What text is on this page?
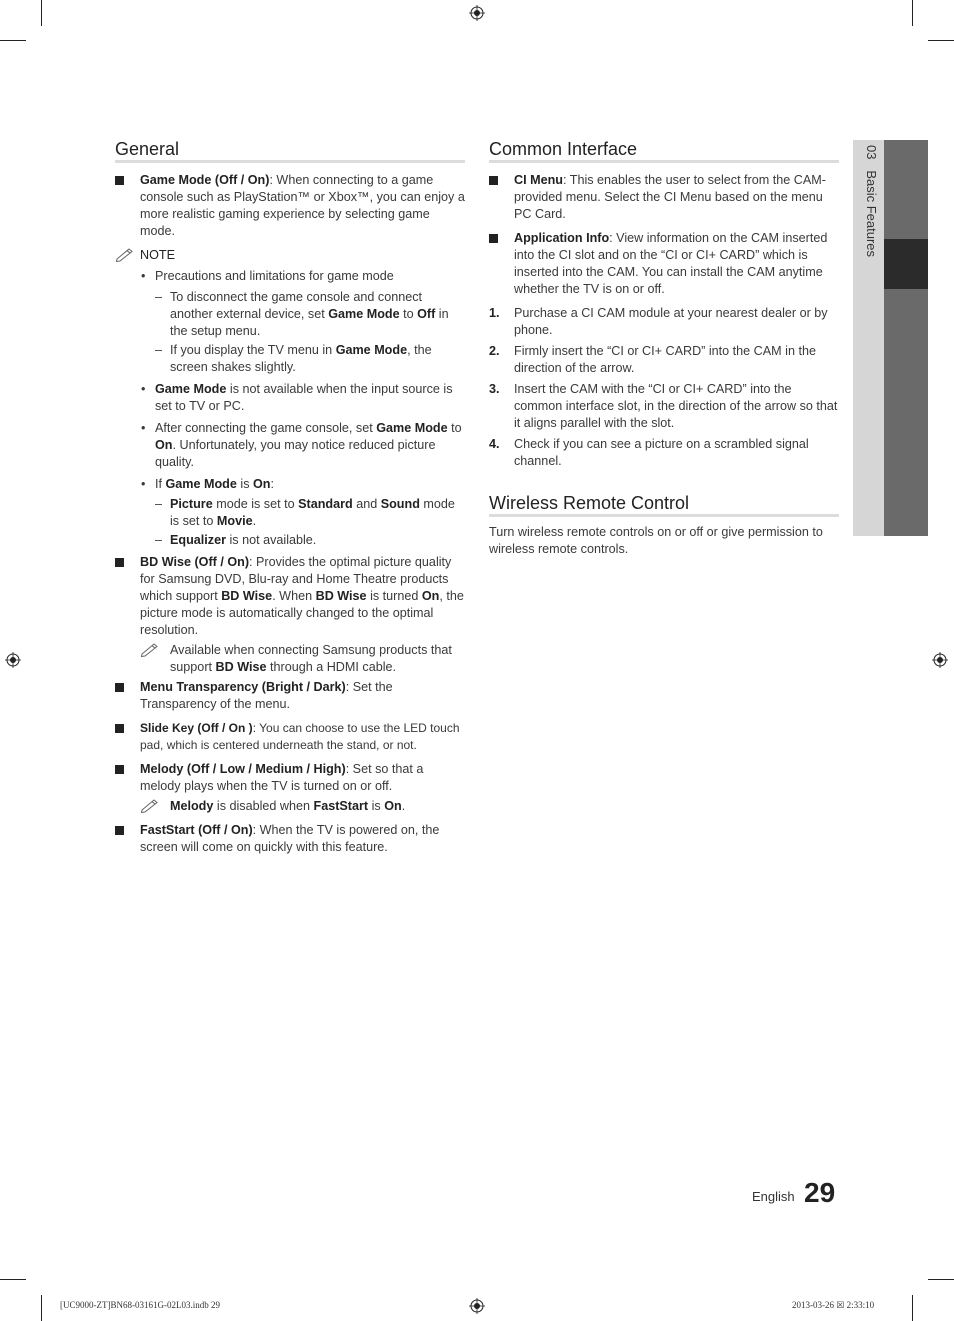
General
Game Mode (Off / On): When connecting to a game console such as PlayStation™ or Xbox™, you can enjoy a more realistic gaming experience by selecting game mode.
NOTE
• Precautions and limitations for game mode
– To disconnect the game console and connect another external device, set Game Mode to Off in the setup menu.
– If you display the TV menu in Game Mode, the screen shakes slightly.
• Game Mode is not available when the input source is set to TV or PC.
• After connecting the game console, set Game Mode to On. Unfortunately, you may notice reduced picture quality.
• If Game Mode is On:
– Picture mode is set to Standard and Sound mode is set to Movie.
– Equalizer is not available.
BD Wise (Off / On): Provides the optimal picture quality for Samsung DVD, Blu-ray and Home Theatre products which support BD Wise. When BD Wise is turned On, the picture mode is automatically changed to the optimal resolution.
Available when connecting Samsung products that support BD Wise through a HDMI cable.
Menu Transparency (Bright / Dark): Set the Transparency of the menu.
Slide Key (Off / On ): You can choose to use the LED touch pad, which is centered underneath the stand, or not.
Melody (Off / Low / Medium / High): Set so that a melody plays when the TV is turned on or off.
Melody is disabled when FastStart is On.
FastStart (Off / On): When the TV is powered on, the screen will come on quickly with this feature.
Common Interface
CI Menu: This enables the user to select from the CAM-provided menu. Select the CI Menu based on the menu PC Card.
Application Info: View information on the CAM inserted into the CI slot and on the “CI or CI+ CARD” which is inserted into the CAM. You can install the CAM anytime whether the TV is on or off.
1. Purchase a CI CAM module at your nearest dealer or by phone.
2. Firmly insert the “CI or CI+ CARD” into the CAM in the direction of the arrow.
3. Insert the CAM with the “CI or CI+ CARD” into the common interface slot, in the direction of the arrow so that it aligns parallel with the slot.
4. Check if you can see a picture on a scrambled signal channel.
Wireless Remote Control
Turn wireless remote controls on or off or give permission to wireless remote controls.
03   Basic Features
English 29
[UC9000-ZT]BN68-03161G-02L03.indb 29	2013-03-26 ☒ 2:33:10
